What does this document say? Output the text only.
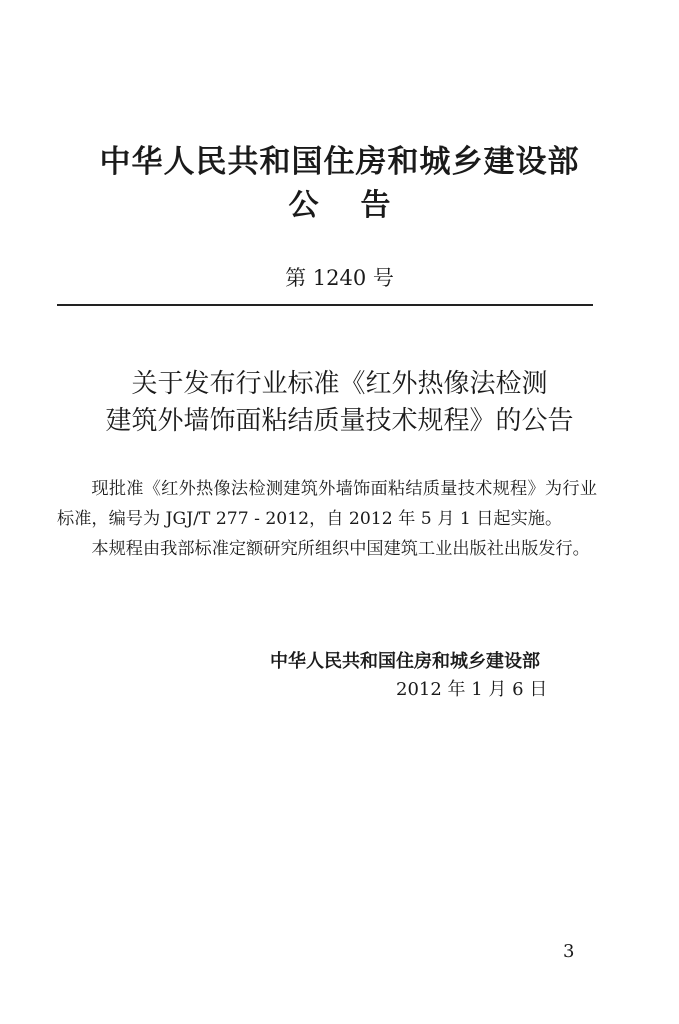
中华人民共和国住房和城乡建设部
公告
第 1240 号
关于发布行业标准《红外热像法检测
建筑外墙饰面粘结质量技术规程》的公告

现批准《红外热像法检测建筑外墙饰面粘结质量技术规程》为行业标准，编号为 JGJ/T 277 - 2012，自 2012 年 5 月 1 日起实施。

本规程由我部标准定额研究所组织中国建筑工业出版社出版发行。

中华人民共和国住房和城乡建设部
2012 年 1 月 6 日
3
